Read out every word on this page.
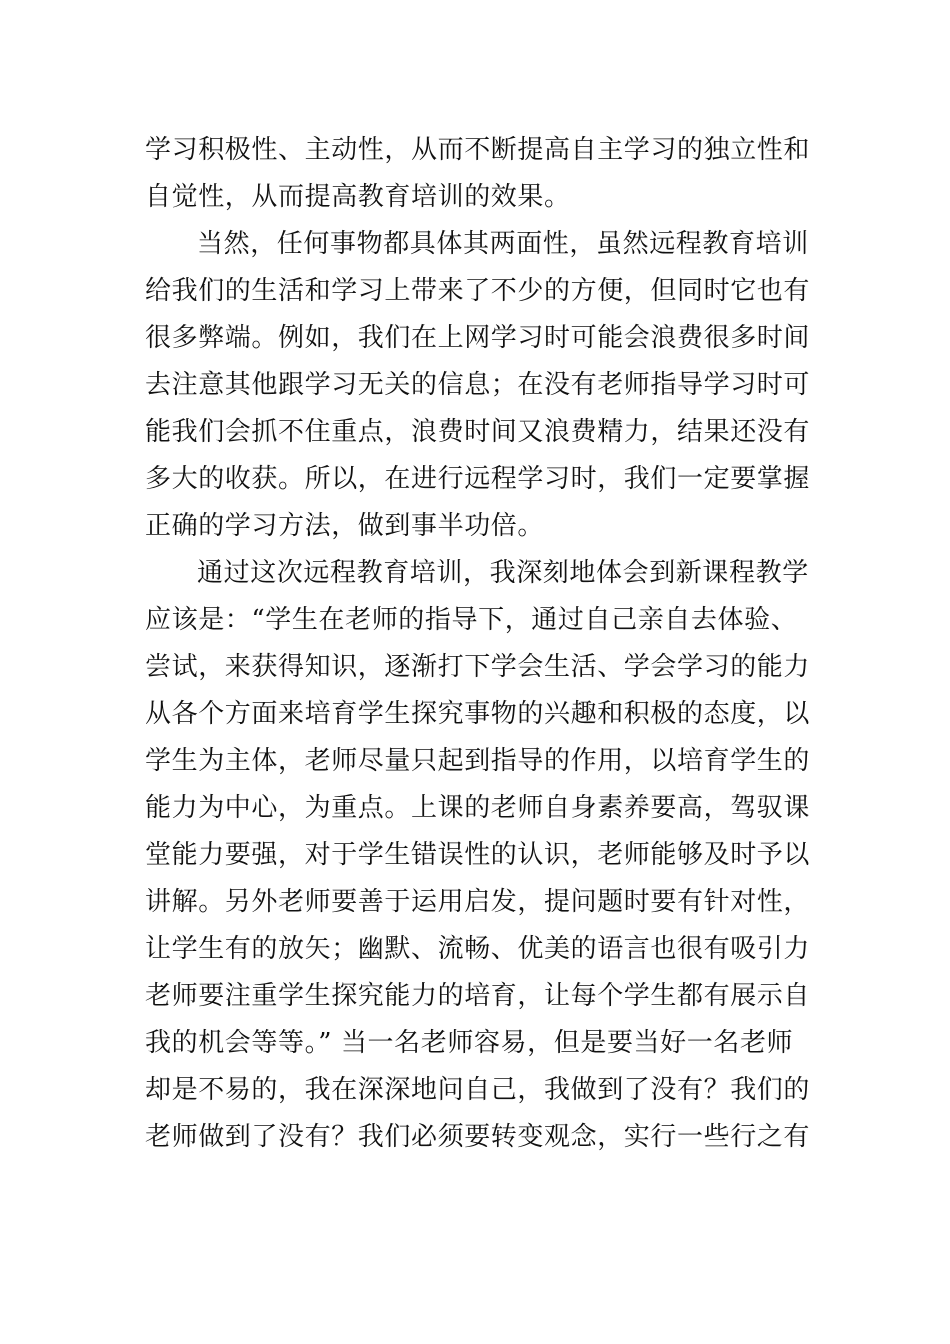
学习积极性、主动性，从而不断提高自主学习的独立性和
自觉性，从而提高教育培训的效果。
当然，任何事物都具体其两面性，虽然远程教育培训
给我们的生活和学习上带来了不少的方便，但同时它也有
很多弊端。例如，我们在上网学习时可能会浪费很多时间
去注意其他跟学习无关的信息；在没有老师指导学习时可
能我们会抓不住重点，浪费时间又浪费精力，结果还没有
多大的收获。所以，在进行远程学习时，我们一定要掌握
正确的学习方法，做到事半功倍。
通过这次远程教育培训，我深刻地体会到新课程教学
应该是：“学生在老师的指导下，通过自己亲自去体验、
尝试，来获得知识，逐渐打下学会生活、学会学习的能力
从各个方面来培育学生探究事物的兴趣和积极的态度，以
学生为主体，老师尽量只起到指导的作用，以培育学生的
能力为中心，为重点。上课的老师自身素养要高，驾驭课
堂能力要强，对于学生错误性的认识，老师能够及时予以
讲解。另外老师要善于运用启发，提问题时要有针对性，
让学生有的放矢；幽默、流畅、优美的语言也很有吸引力
老师要注重学生探究能力的培育，让每个学生都有展示自
我的机会等等。” 当一名老师容易，但是要当好一名老师
却是不易的，我在深深地问自己，我做到了没有？我们的
老师做到了没有？我们必须要转变观念，实行一些行之有
